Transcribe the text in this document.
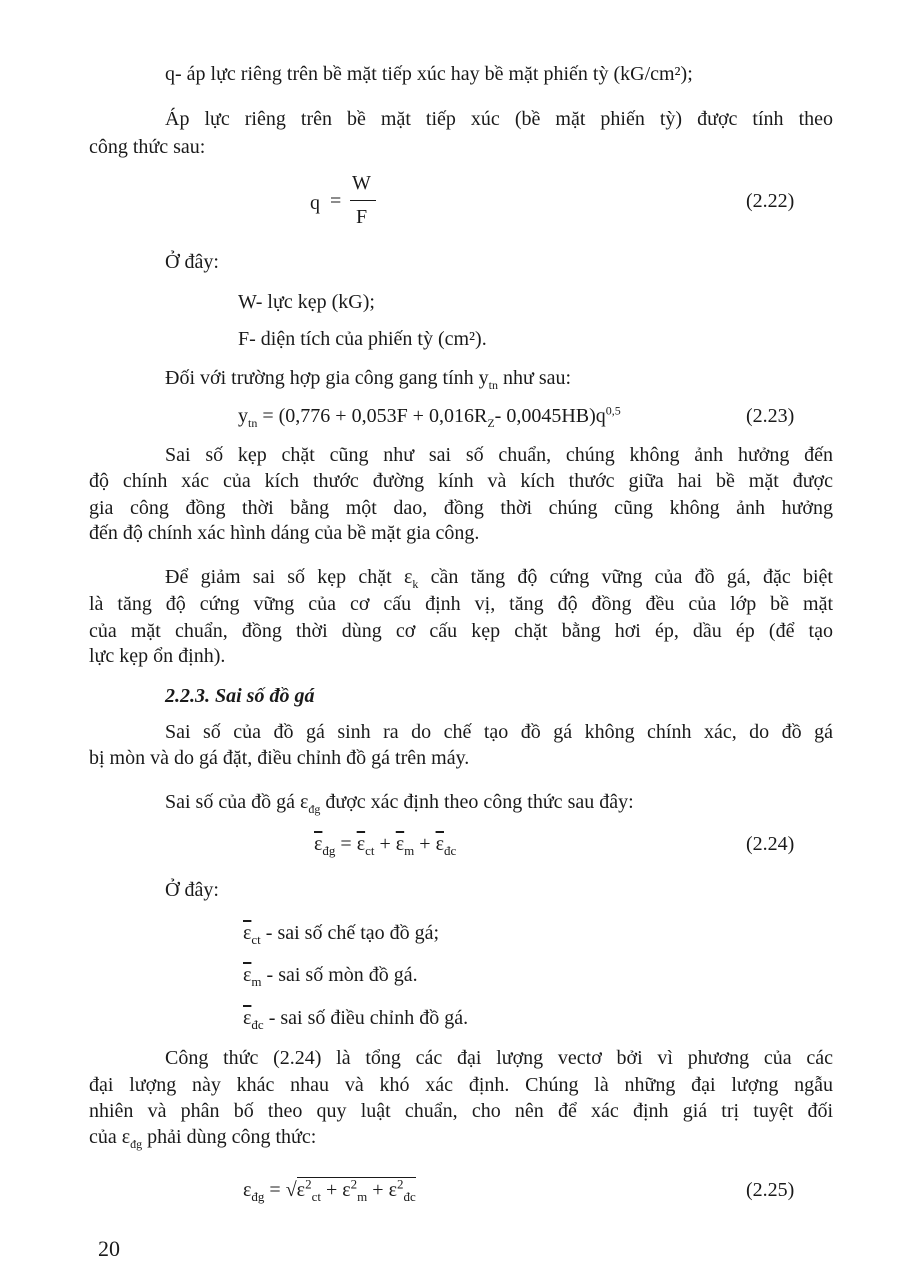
q- áp lực riêng trên bề mặt tiếp xúc hay bề mặt phiến tỳ (kG/cm²);
Áp lực riêng trên bề mặt tiếp xúc (bề mặt phiến tỳ) được tính theo
công thức sau:
q =
W
F
(2.22)
Ở đây:
W- lực kẹp (kG);
F- diện tích của phiến tỳ (cm²).
Đối với trường hợp gia công gang tính $y_{tn}$ như sau:
$y_{tn} = (0,776 + 0,053F + 0,016R_Z-$ $0,0045HB)q^{0,5}$	(2.23)
Sai số kẹp chặt cũng như sai số chuẩn, chúng không ảnh hưởng đến
độ chính xác của kích thước đường kính và kích thước giữa hai bề mặt được
gia công đồng thời bằng một dao, đồng thời chúng cũng không ảnh hưởng
đến độ chính xác hình dáng của bề mặt gia công.
Để giảm sai số kẹp chặt $\varepsilon_k$ cần tăng độ cứng vững của đồ gá, đặc biệt
là tăng độ cứng vững của cơ cấu định vị, tăng độ đồng đều của lớp bề mặt
của mặt chuẩn, đồng thời dùng cơ cấu kẹp chặt bằng hơi ép, dầu ép (để tạo
lực kẹp ổn định).
2.2.3. Sai số đồ gá
Sai số của đồ gá sinh ra do chế tạo đồ gá không chính xác, do đồ gá
bị mòn và do gá đặt, điều chỉnh đồ gá trên máy.
Sai số của đồ gá $\varepsilon_{đg}$ được xác định theo công thức sau đây:
$\overline{\varepsilon}_{đg} = \overline{\varepsilon}_{ct} + \overline{\varepsilon}_m + \overline{\varepsilon}_{đc}$	(2.24)
Ở đây:
$\overline{\varepsilon}_{ct}$ - sai số chế tạo đồ gá;
$\overline{\varepsilon}_m$ - sai số mòn đồ gá.
$\overline{\varepsilon}_{đc}$ - sai số điều chỉnh đồ gá.
Công thức (2.24) là tổng các đại lượng vectơ bởi vì phương của các
đại lượng này khác nhau và khó xác định. Chúng là những đại lượng ngẫu
nhiên và phân bố theo quy luật chuẩn, cho nên để xác định giá trị tuyệt đối
của $\varepsilon_{đg}$ phải dùng công thức:
$\varepsilon_{đg} = √\varepsilon^2_{ct} + \varepsilon^2_m + \varepsilon^2_{đc}$	(2.25)
20
